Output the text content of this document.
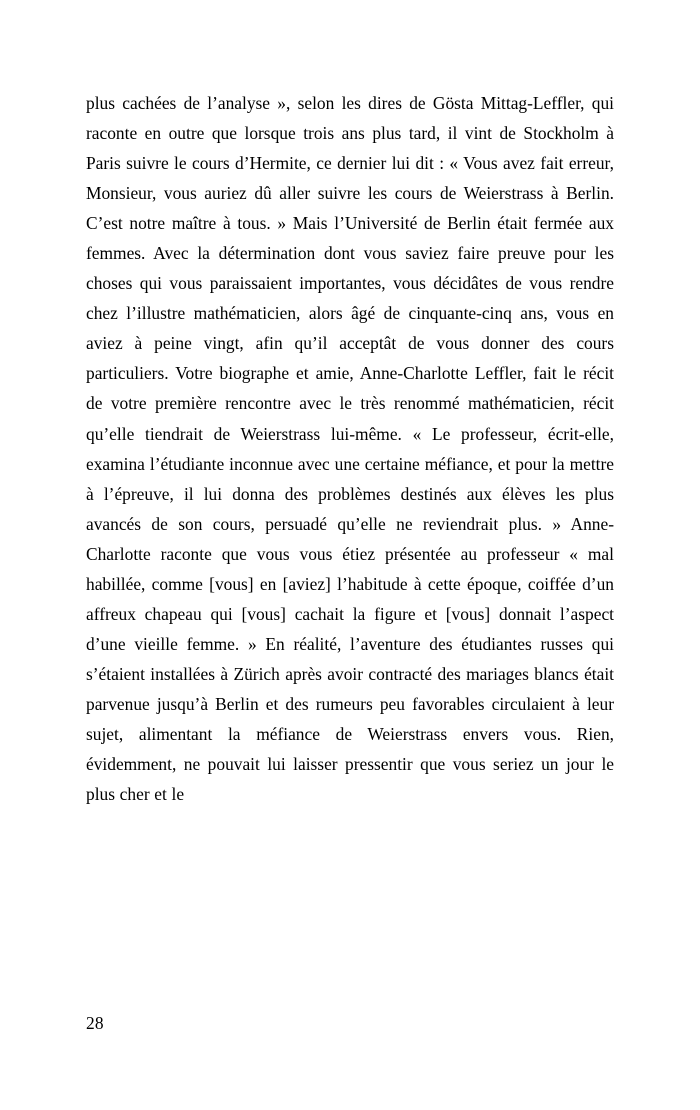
plus cachées de l’analyse », selon les dires de Gösta Mittag-Leffler, qui raconte en outre que lorsque trois ans plus tard, il vint de Stockholm à Paris suivre le cours d’Hermite, ce dernier lui dit : « Vous avez fait erreur, Monsieur, vous auriez dû aller suivre les cours de Weierstrass à Berlin. C’est notre maître à tous. » Mais l’Université de Berlin était fermée aux femmes. Avec la détermination dont vous saviez faire preuve pour les choses qui vous paraissaient importantes, vous décidâtes de vous rendre chez l’illustre mathématicien, alors âgé de cinquante-cinq ans, vous en aviez à peine vingt, afin qu’il acceptât de vous donner des cours particuliers. Votre biographe et amie, Anne-Charlotte Leffler, fait le récit de votre première rencontre avec le très renommé mathématicien, récit qu’elle tiendrait de Weierstrass lui-même. « Le professeur, écrit-elle, examina l’étudiante inconnue avec une certaine méfiance, et pour la mettre à l’épreuve, il lui donna des problèmes destinés aux élèves les plus avancés de son cours, persuadé qu’elle ne reviendrait plus. » Anne-Charlotte raconte que vous vous étiez présentée au professeur « mal habillée, comme [vous] en [aviez] l’habitude à cette époque, coiffée d’un affreux chapeau qui [vous] cachait la figure et [vous] donnait l’aspect d’une vieille femme. » En réalité, l’aventure des étudiantes russes qui s’étaient installées à Zürich après avoir contracté des mariages blancs était parvenue jusqu’à Berlin et des rumeurs peu favorables circulaient à leur sujet, alimentant la méfiance de Weierstrass envers vous. Rien, évidemment, ne pouvait lui laisser pressentir que vous seriez un jour le plus cher et le

28
